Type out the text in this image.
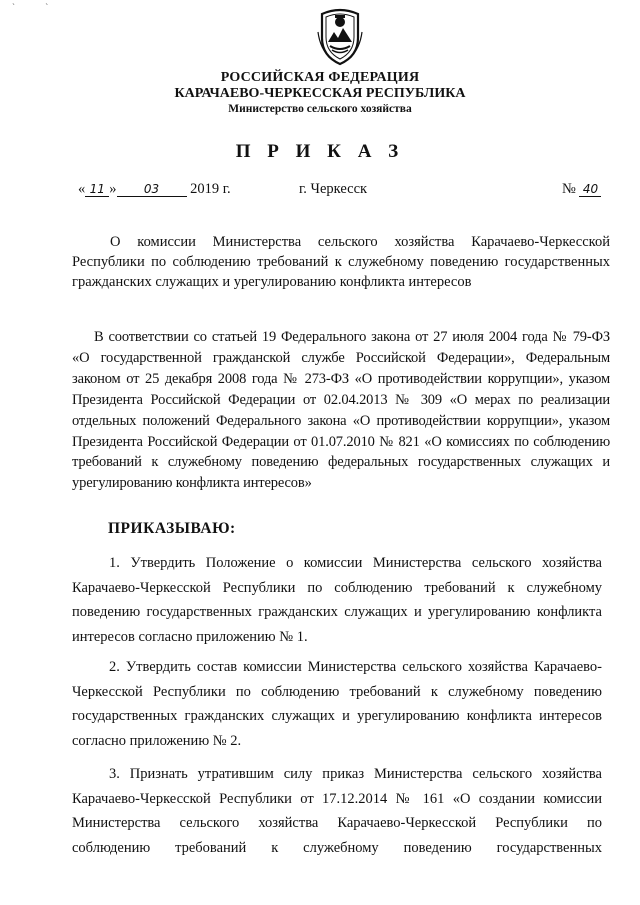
` `
РОССИЙСКАЯ ФЕДЕРАЦИЯ
КАРАЧАЕВО-ЧЕРКЕССКАЯ РЕСПУБЛИКА
Министерство сельского хозяйства
П Р И К А З
« 11 » 03 2019 г.	г. Черкесск	№ 40
О комиссии Министерства сельского хозяйства Карачаево-Черкесской Республики по соблюдению требований к служебному поведению государственных гражданских служащих и урегулированию конфликта интересов
В соответствии со статьей 19 Федерального закона от 27 июля 2004 года № 79-ФЗ «О государственной гражданской службе Российской Федерации», Федеральным законом от 25 декабря 2008 года № 273-ФЗ «О противодействии коррупции», указом Президента Российской Федерации от 02.04.2013 № 309 «О мерах по реализации отдельных положений Федерального закона «О противодействии коррупции», указом Президента Российской Федерации от 01.07.2010 № 821 «О комиссиях по соблюдению требований к служебному поведению федеральных государственных служащих и урегулированию конфликта интересов»
ПРИКАЗЫВАЮ:
1. Утвердить Положение о комиссии Министерства сельского хозяйства Карачаево-Черкесской Республики по соблюдению требований к служебному поведению государственных гражданских служащих и урегулированию конфликта интересов согласно приложению № 1.
2. Утвердить состав комиссии Министерства сельского хозяйства Карачаево-Черкесской Республики по соблюдению требований к служебному поведению государственных гражданских служащих и урегулированию конфликта интересов согласно приложению № 2.
3. Признать утратившим силу приказ Министерства сельского хозяйства Карачаево-Черкесской Республики от 17.12.2014 № 161 «О создании комиссии Министерства сельского хозяйства Карачаево-Черкесской Республики по соблюдению требований к служебному поведению государственных
